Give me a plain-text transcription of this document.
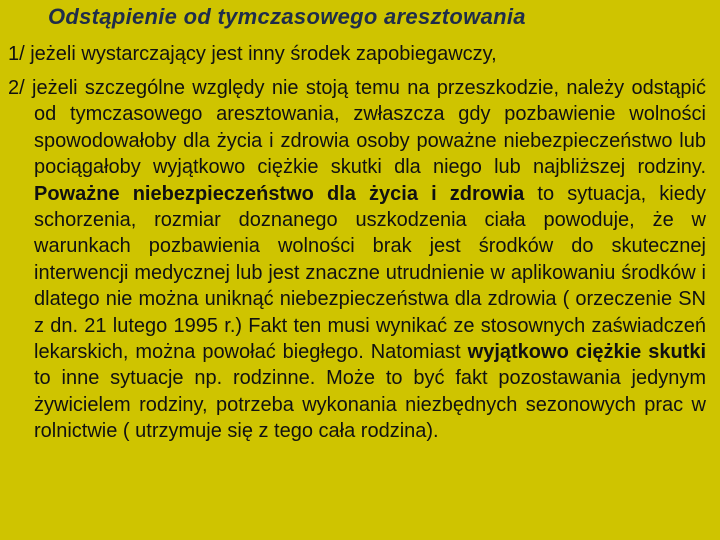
Odstąpienie od tymczasowego aresztowania
1/ jeżeli wystarczający jest inny środek zapobiegawczy,
2/ jeżeli szczególne względy nie stoją temu na przeszkodzie, należy odstąpić od tymczasowego aresztowania, zwłaszcza gdy pozbawienie wolności spowodowałoby dla życia i zdrowia osoby poważne niebezpieczeństwo lub pociągałoby wyjątkowo ciężkie skutki dla niego lub najbliższej rodziny. Poważne niebezpieczeństwo dla życia i zdrowia to sytuacja, kiedy schorzenia, rozmiar doznanego uszkodzenia ciała powoduje, że w warunkach pozbawienia wolności brak jest środków do skutecznej interwencji medycznej lub jest znaczne utrudnienie w aplikowaniu środków i dlatego nie można uniknąć niebezpieczeństwa dla zdrowia ( orzeczenie SN z dn. 21 lutego 1995 r.) Fakt ten musi wynikać ze stosownych zaświadczeń lekarskich, można powołać biegłego. Natomiast wyjątkowo ciężkie skutki to inne sytuacje np. rodzinne. Może to być fakt pozostawania jedynym żywicielem rodziny, potrzeba wykonania niezbędnych sezonowych prac w rolnictwie ( utrzymuje się z tego cała rodzina).
